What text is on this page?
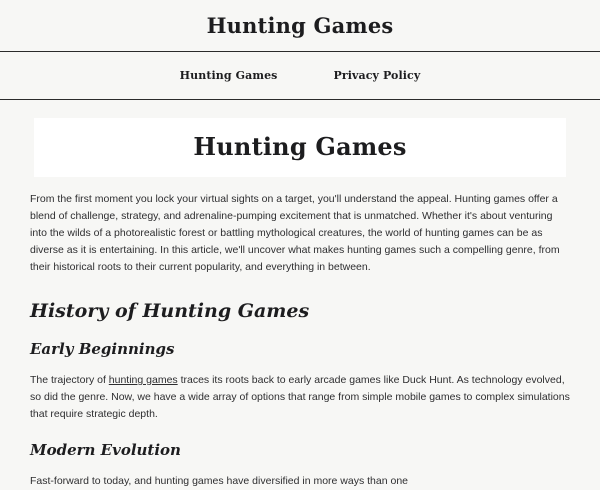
Hunting Games
Hunting Games	Privacy Policy
Hunting Games

From the first moment you lock your virtual sights on a target, you'll understand the appeal. Hunting games offer a blend of challenge, strategy, and adrenaline-pumping excitement that is unmatched. Whether it's about venturing into the wilds of a photorealistic forest or battling mythological creatures, the world of hunting games can be as diverse as it is entertaining. In this article, we'll uncover what makes hunting games such a compelling genre, from their historical roots to their current popularity, and everything in between.

History of Hunting Games
Early Beginnings

The trajectory of hunting games traces its roots back to early arcade games like Duck Hunt. As technology evolved, so did the genre. Now, we have a wide array of options that range from simple mobile games to complex simulations that require strategic depth.

Modern Evolution

Fast-forward to today, and hunting games have diversified in more ways than one
